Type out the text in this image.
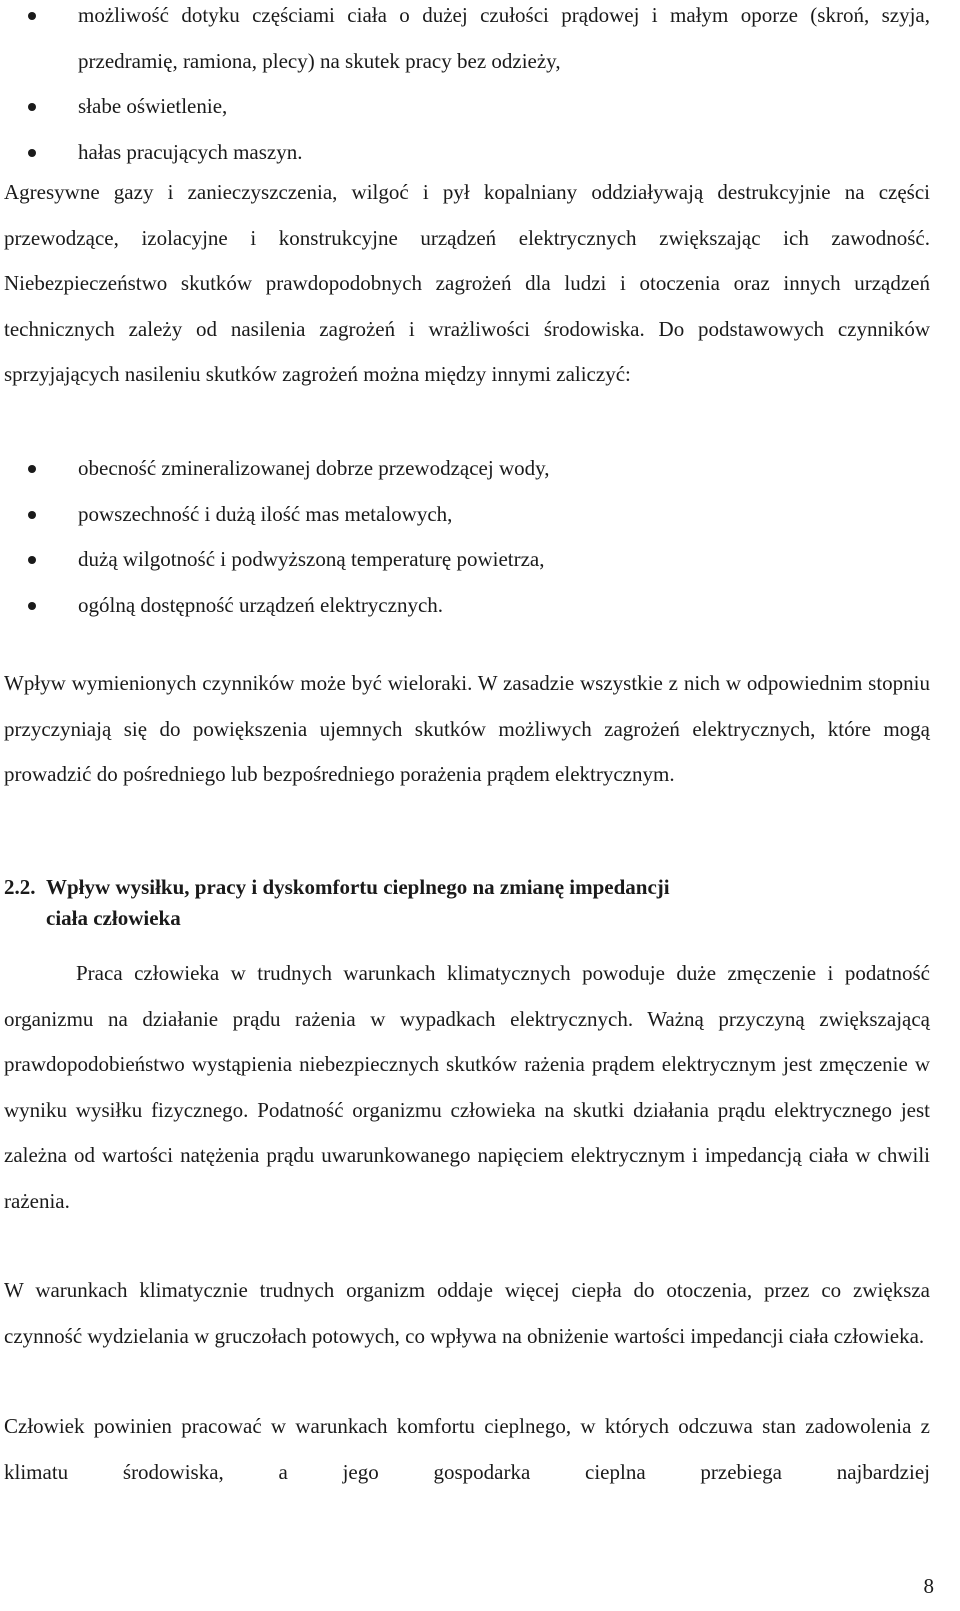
możliwość dotyku częściami ciała o dużej czułości prądowej i małym oporze (skroń, szyja, przedramię, ramiona, plecy) na skutek pracy bez odzieży,
słabe oświetlenie,
hałas pracujących maszyn.

Agresywne gazy i zanieczyszczenia, wilgoć i pył kopalniany oddziaływają destrukcyjnie na części przewodzące, izolacyjne i konstrukcyjne urządzeń elektrycznych zwiększając ich zawodność. Niebezpieczeństwo skutków prawdopodobnych zagrożeń dla ludzi i otoczenia oraz innych urządzeń technicznych zależy od nasilenia zagrożeń i wrażliwości środowiska. Do podstawowych czynników sprzyjających nasileniu skutków zagrożeń można między innymi zaliczyć:

obecność zmineralizowanej dobrze przewodzącej wody,
powszechność i dużą ilość mas metalowych,
dużą wilgotność i podwyższoną temperaturę powietrza,
ogólną dostępność urządzeń elektrycznych.

Wpływ wymienionych czynników może być wieloraki. W zasadzie wszystkie z nich w odpowiednim stopniu przyczyniają się do powiększenia ujemnych skutków możliwych zagrożeń elektrycznych, które mogą prowadzić do pośredniego lub bezpośredniego porażenia prądem elektrycznym.

2.2. Wpływ wysiłku, pracy i dyskomfortu cieplnego na zmianę impedancji
ciała człowieka

Praca człowieka w trudnych warunkach klimatycznych powoduje duże zmęczenie i podatność organizmu na działanie prądu rażenia w wypadkach elektrycznych. Ważną przyczyną zwiększającą prawdopodobieństwo wystąpienia niebezpiecznych skutków rażenia prądem elektrycznym jest zmęczenie w wyniku wysiłku fizycznego. Podatność organizmu człowieka na skutki działania prądu elektrycznego jest zależna od wartości natężenia prądu uwarunkowanego napięciem elektrycznym i impedancją ciała w chwili rażenia.

W warunkach klimatycznie trudnych organizm oddaje więcej ciepła do otoczenia, przez co zwiększa czynność wydzielania w gruczołach potowych, co wpływa na obniżenie wartości impedancji ciała człowieka.

Człowiek powinien pracować w warunkach komfortu cieplnego, w których odczuwa stan zadowolenia z klimatu środowiska, a jego gospodarka cieplna przebiega najbardziej

8
